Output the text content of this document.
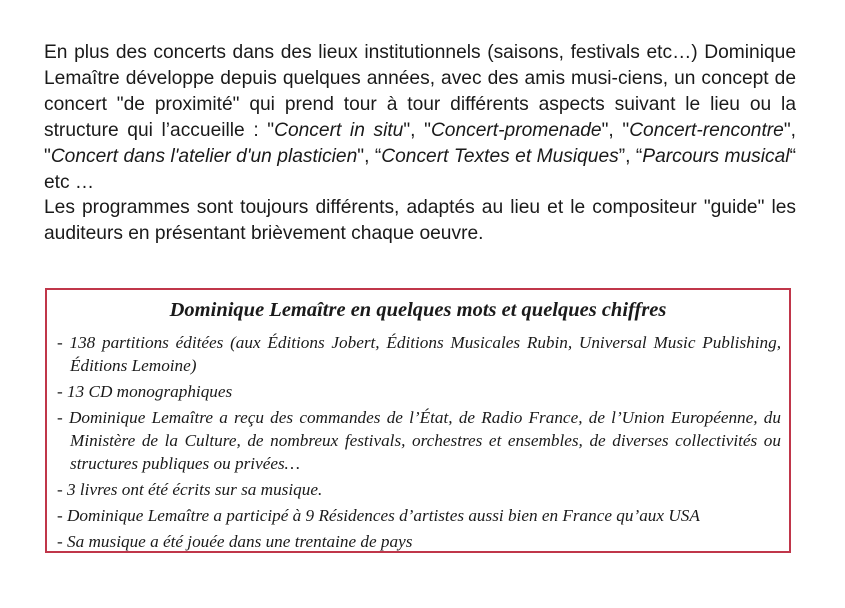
En plus des concerts dans des lieux institutionnels (saisons, festivals etc…) Dominique Lemaître développe depuis quelques années, avec des amis musi-ciens, un concept de concert "de proximité" qui prend tour à tour différents aspects suivant le lieu ou la structure qui l’accueille : "Concert in situ", "Concert-promenade", "Concert-rencontre", "Concert dans l'atelier d'un plasticien", “Concert Textes et Musiques”, “Parcours musical“ etc …

Les programmes sont toujours différents, adaptés au lieu et le compositeur "guide" les auditeurs en présentant brièvement chaque oeuvre.

Dominique Lemaître en quelques mots et quelques chiffres
- 138 partitions éditées (aux Éditions Jobert, Éditions Musicales Rubin, Universal Music Publishing, Éditions Lemoine)
- 13 CD monographiques
- Dominique Lemaître a reçu des commandes de l’État, de Radio France, de l’Union Européenne, du Ministère de la Culture, de nombreux festivals, orchestres et ensembles, de diverses collectivités ou structures publiques ou privées…
- 3 livres ont été écrits sur sa musique.
- Dominique Lemaître a participé à 9 Résidences d’artistes aussi bien en France qu’aux USA
- Sa musique a été jouée dans une trentaine de pays
